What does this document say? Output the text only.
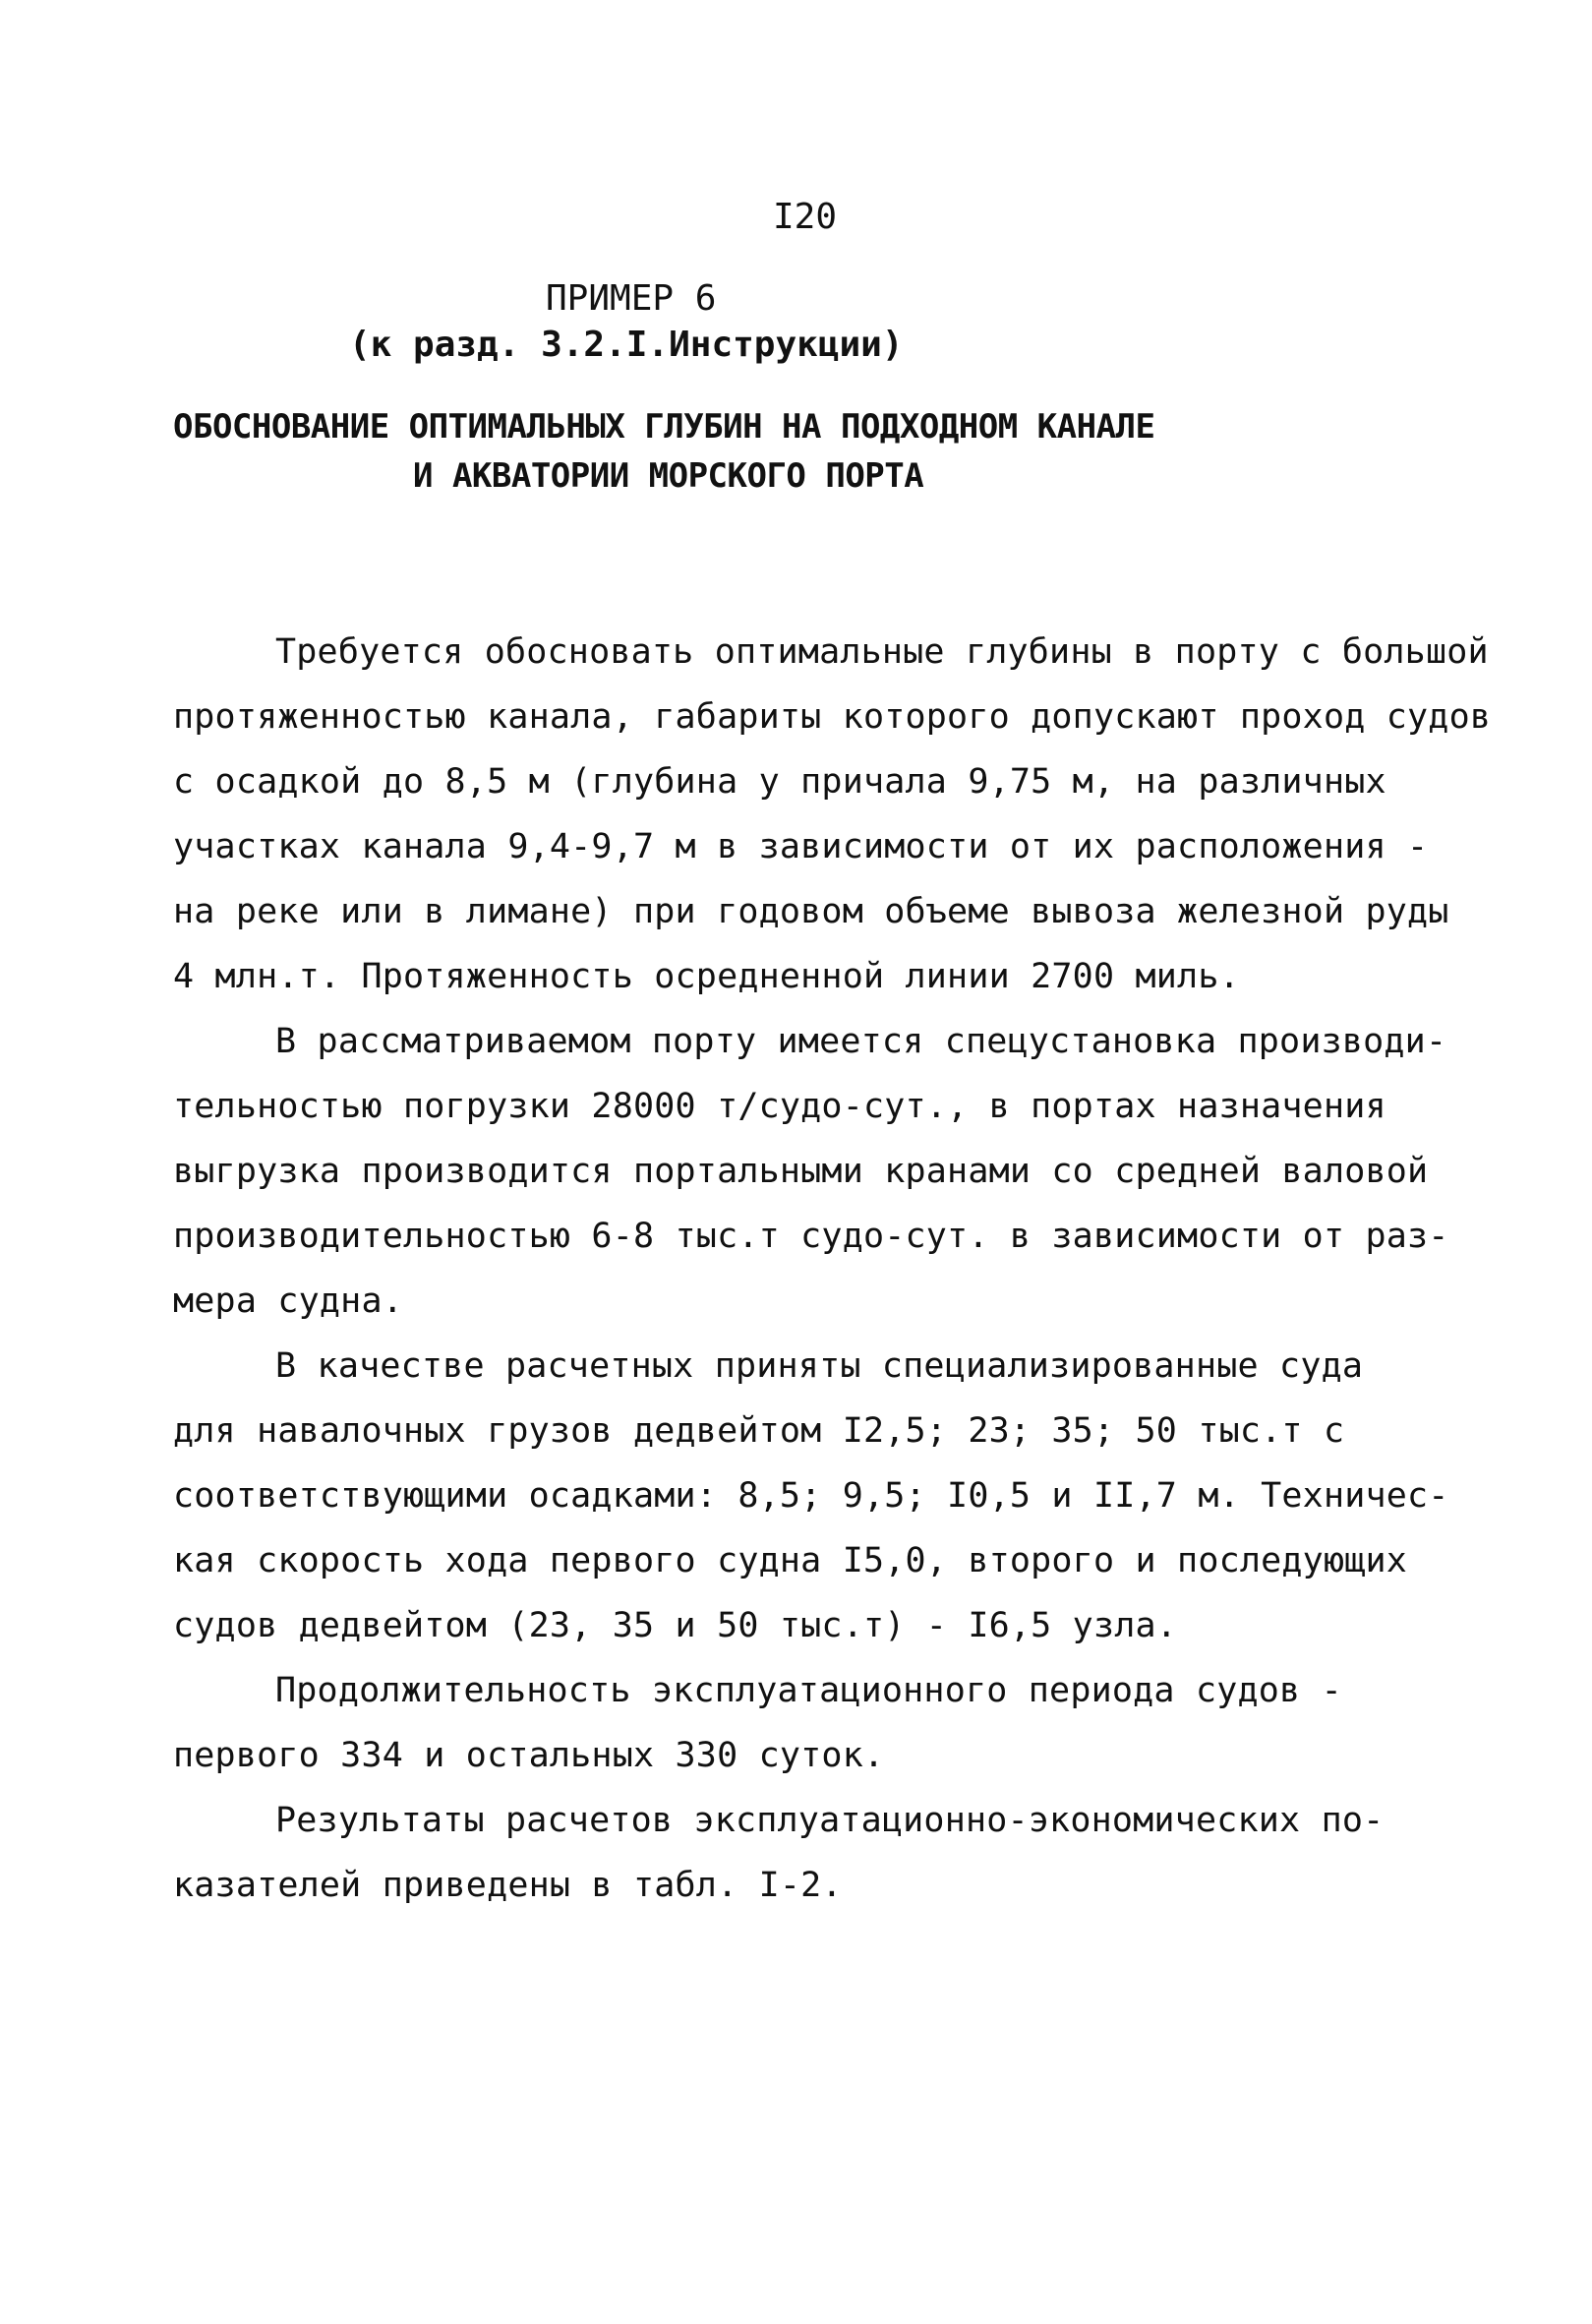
I20
ПРИМЕР 6
(к разд. 3.2.I.Инструкции)
ОБОСНОВАНИЕ ОПТИМАЛЬНЫХ ГЛУБИН НА ПОДХОДНОМ КАНАЛЕ
И АКВАТОРИИ МОРСКОГО ПОРТА
Требуется обосновать оптимальные глубины в порту с большой
протяженностью канала, габариты которого допускают проход судов
с осадкой до 8,5 м (глубина у причала 9,75 м, на различных
участках канала 9,4-9,7 м в зависимости от их расположения -
на реке или в лимане) при годовом объеме вывоза железной руды
4 млн.т. Протяженность осредненной линии 2700 миль.
В рассматриваемом порту имеется спецустановка производи-
тельностью погрузки 28000 т/судо-сут., в портах назначения
выгрузка производится портальными кранами со средней валовой
производительностью 6-8 тыс.т судо-сут. в зависимости от раз-
мера судна.
В качестве расчетных приняты специализированные суда
для навалочных грузов дедвейтом I2,5; 23; 35; 50 тыс.т с
соответствующими осадками: 8,5; 9,5; I0,5 и II,7 м. Техничес-
кая скорость хода первого судна I5,0, второго и последующих
судов дедвейтом (23, 35 и 50 тыс.т) - I6,5 узла.
Продолжительность эксплуатационного периода судов -
первого 334 и остальных 330 суток.
Результаты расчетов эксплуатационно-экономических по-
казателей приведены в табл. I-2.
